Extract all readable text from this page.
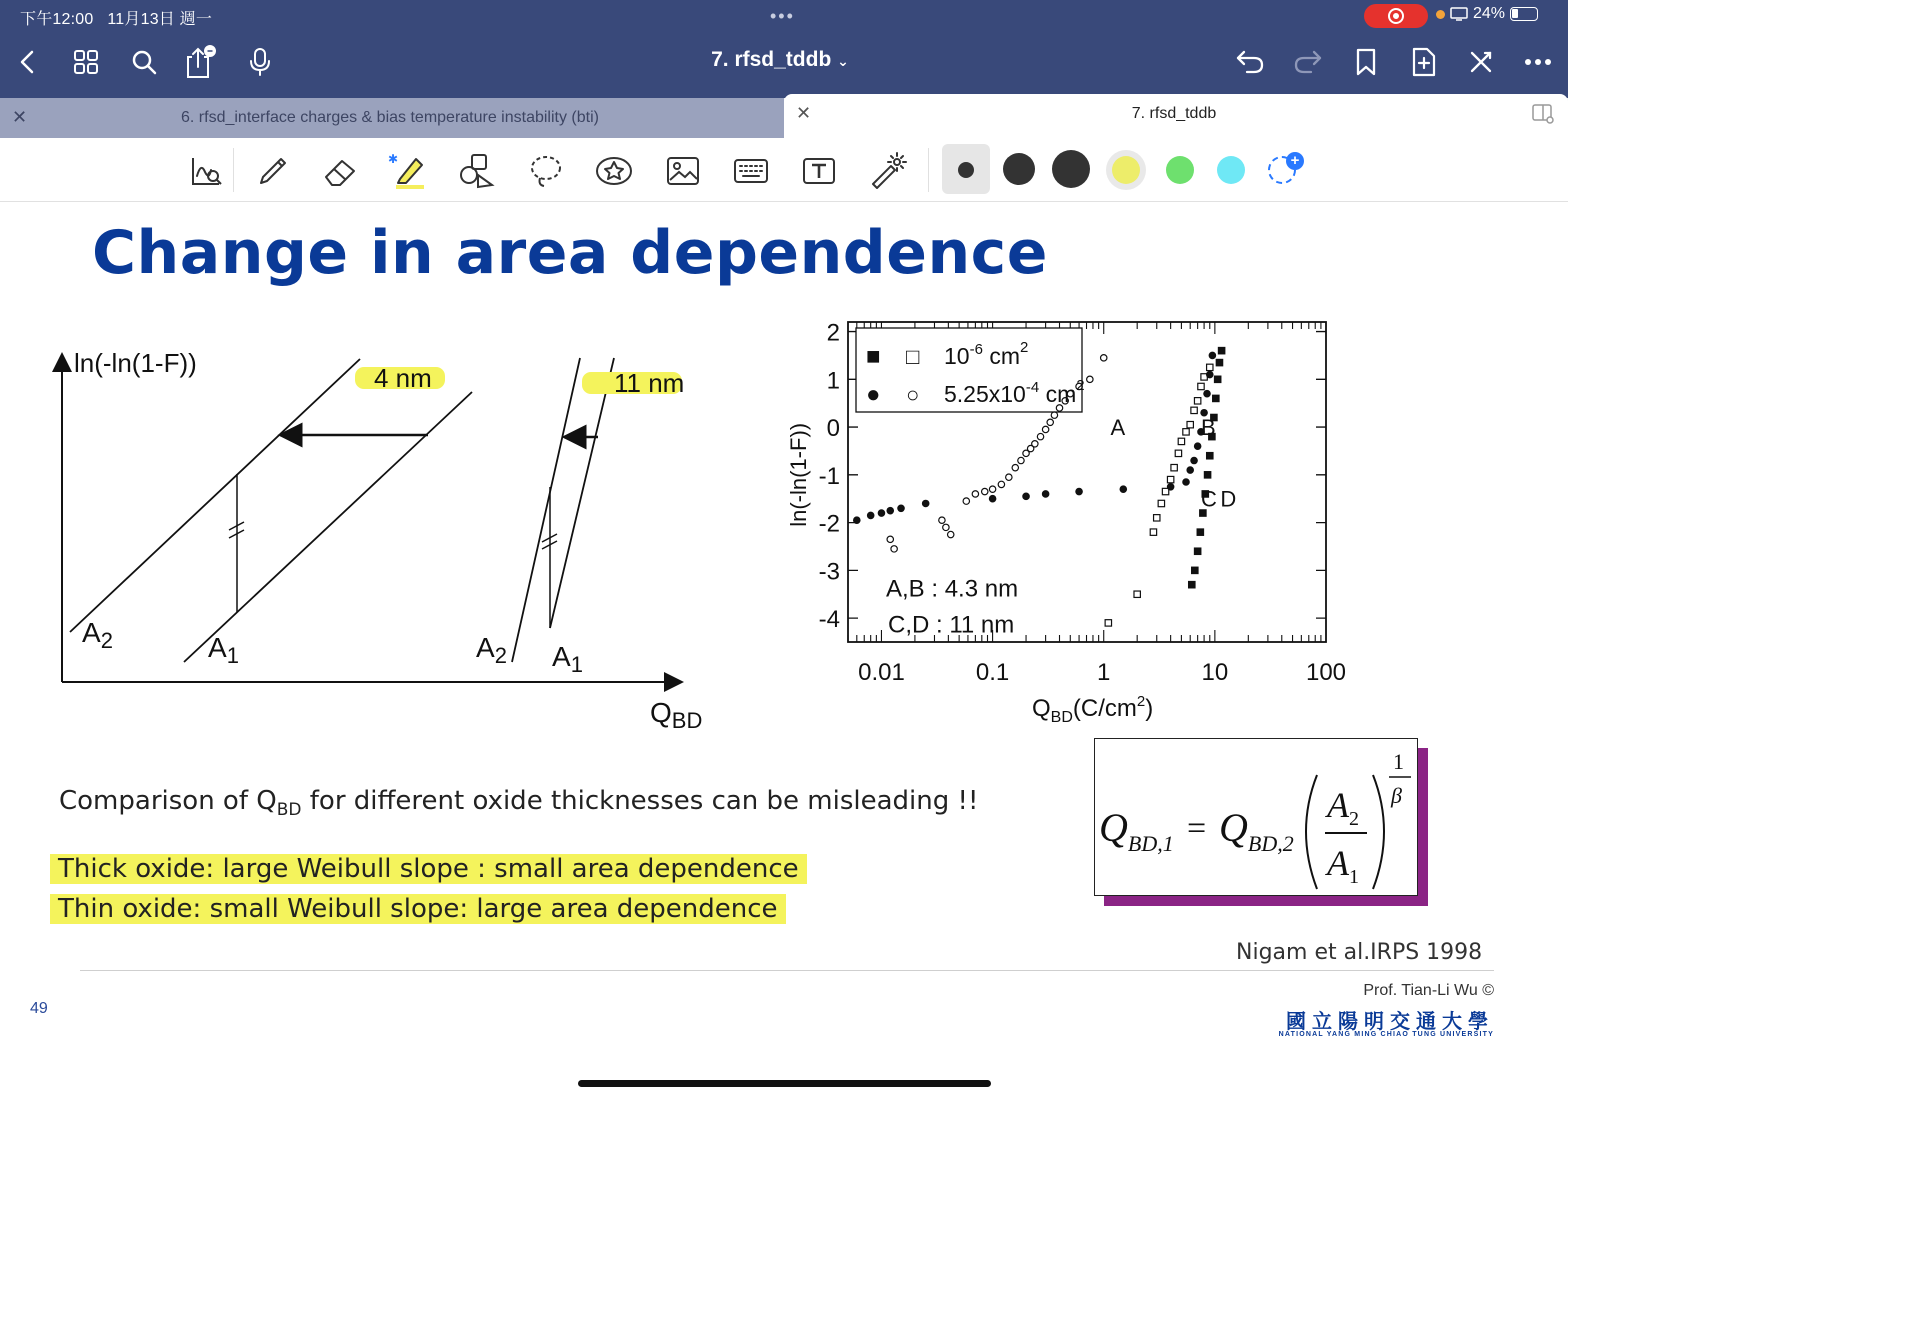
下午12:00 11月13日 週一	•••	24%
7. rfsd_tddb ⌄
✕	6. rfsd_interface charges & bias temperature instability (bti)	✕	7. rfsd_tddb
✱	+
Change in area dependence
ln(-ln(1-F))
$Q_{BD}$
4 nm
$A_2$	$A_1$
11 nm
$A_2$ $A_1$
2
1
0
-1
-2
-3
-4
0.01	0.1	1	10	100
ln(-ln(1-F))
$Q_{BD}(C/cm^2)$
■ □ $10^{-6}$ $cm^2$
● ○ $5.25x10^{-4}$ $cm^2$
A	B
C D
A,B : 4.3 nm
C,D : 11 nm
Comparison of $Q_{BD}$ for different oxide thicknesses can be misleading !!
Thick oxide: large Weibull slope : small area dependence
Thin oxide: small Weibull slope: large area dependence
$Q_{BD,1} = Q_{BD,2}$
$A_2$
$A_1$
1
β
Nigam et al.IRPS 1998
49
Prof. Tian-Li Wu ©
國立陽明交通大學
NATIONAL YANG MING CHIAO TUNG UNIVERSITY
